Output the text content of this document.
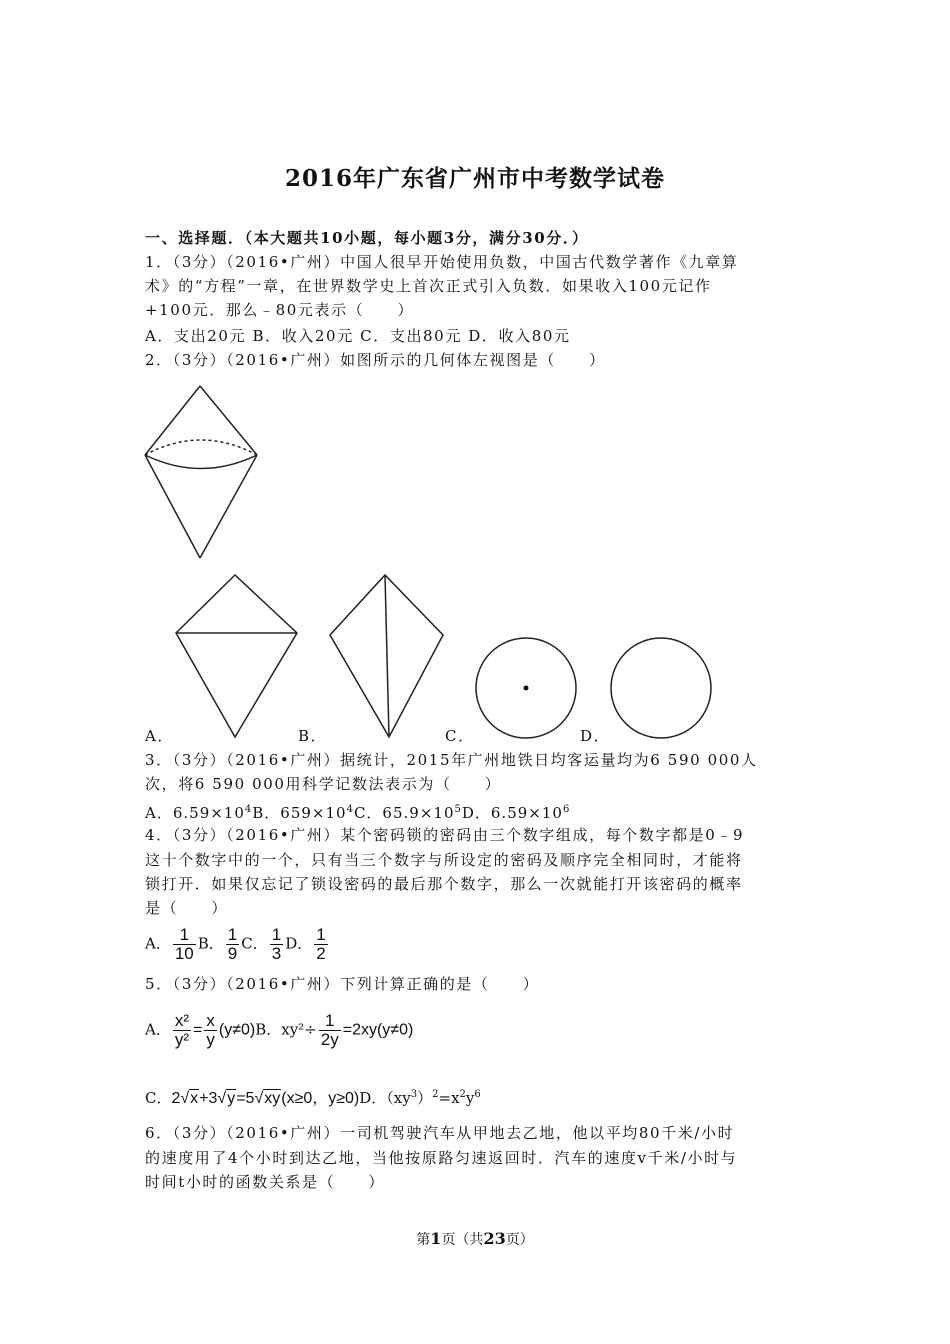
2016年广东省广州市中考数学试卷
一、选择题．（本大题共10小题，每小题3分，满分30分．）
1．（3分）（2016•广州）中国人很早开始使用负数，中国古代数学著作《九章算
术》的“方程”一章，在世界数学史上首次正式引入负数．如果收入100元记作
+100元．那么﹣80元表示（　　）
A．支出20元 B．收入20元 C．支出80元 D．收入80元
2．（3分）（2016•广州）如图所示的几何体左视图是（　　）
A．	B．	C．	D．
3．（3分）（2016•广州）据统计，2015年广州地铁日均客运量均为6 590 000人
次，将6 590 000用科学记数法表示为（　　）
A．$6.59\times 10^4B$．$659\times 10^4C$．$65.9\times 10^5D$．$6.59\times 10^6$
4．（3分）（2016•广州）某个密码锁的密码由三个数字组成，每个数字都是0﹣9
这十个数字中的一个，只有当三个数字与所设定的密码及顺序完全相同时，才能将
锁打开．如果仅忘记了锁设密码的最后那个数字，那么一次就能打开该密码的概率
是（　　）
A． $\frac{1}{10}$ B． $\frac{1}{9}$ C． $\frac{1}{3}$ D． $\frac{1}{2}$
5．（3分）（2016•广州）下列计算正确的是（　　）
A． $\frac{\text{x²}}{\text{y²}} = \frac{x}{y} (y\ne 0)B$．$xy^2\div \frac{1}{2y} =2xy(y\ne 0)$
C．2√x+3√y=5√xy(x≥0，y≥0)D．$(xy^3)^2=x^2y^6$
6．（3分）（2016•广州）一司机驾驶汽车从甲地去乙地，他以平均80千米/小时
的速度用了4个小时到达乙地，当他按原路匀速返回时．汽车的速度v千米/小时与
时间t小时的函数关系是（　　）
第1页（共23页）
